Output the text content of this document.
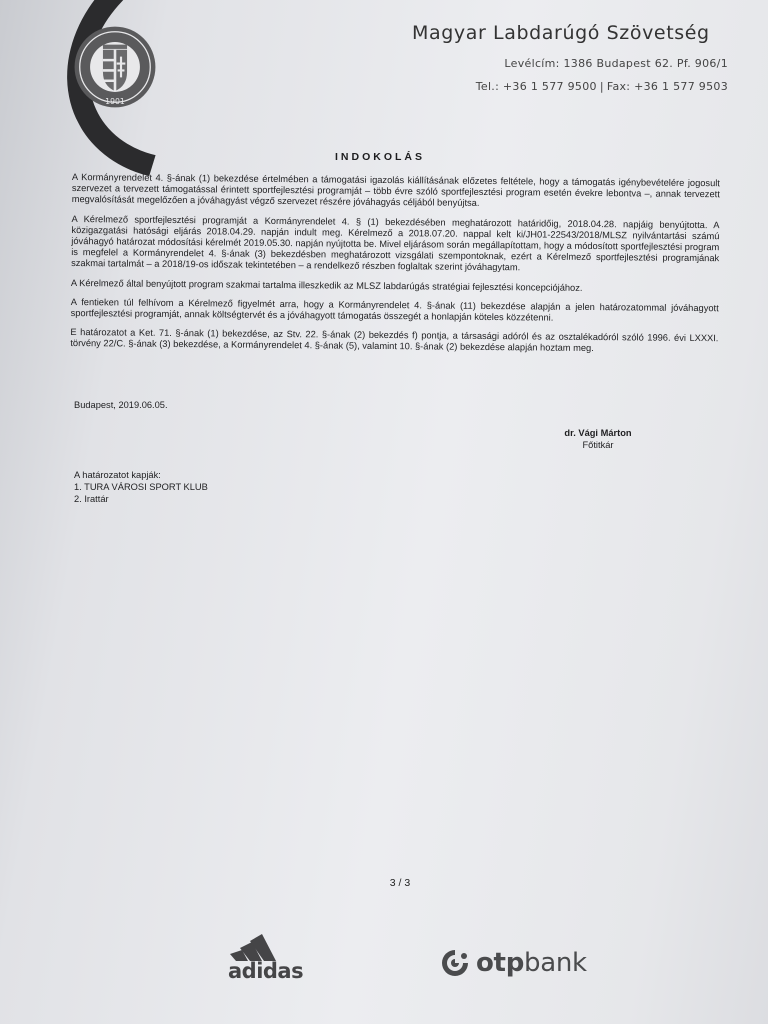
1901
Magyar Labdarúgó Szövetség
Levélcím: 1386 Budapest 62. Pf. 906/1
Tel.: +36 1 577 9500 | Fax: +36 1 577 9503
INDOKOLÁS

A Kormányrendelet 4. §-ának (1) bekezdése értelmében a támogatási igazolás kiállításának előzetes feltétele, hogy a támogatás igénybevételére jogosult szervezet a tervezett támogatással érintett sportfejlesztési programját – több évre szóló sportfejlesztési program esetén évekre lebontva –, annak tervezett megvalósítását megelőzően a jóváhagyást végző szervezet részére jóváhagyás céljából benyújtsa.

A Kérelmező sportfejlesztési programját a Kormányrendelet 4. § (1) bekezdésében meghatározott határidőig, 2018.04.28. napjáig benyújtotta. A közigazgatási hatósági eljárás 2018.04.29. napján indult meg. Kérelmező a 2018.07.20. nappal kelt ki/JH01-22543/2018/MLSZ nyilvántartási számú jóváhagyó határozat módosítási kérelmét 2019.05.30. napján nyújtotta be. Mivel eljárásom során megállapítottam, hogy a módosított sportfejlesztési program is megfelel a Kormányrendelet 4. §-ának (3) bekezdésben meghatározott vizsgálati szempontoknak, ezért a Kérelmező sportfejlesztési programjának szakmai tartalmát – a 2018/19-os időszak tekintetében – a rendelkező részben foglaltak szerint jóváhagytam.

A Kérelmező által benyújtott program szakmai tartalma illeszkedik az MLSZ labdarúgás stratégiai fejlesztési koncepciójához.

A fentieken túl felhívom a Kérelmező figyelmét arra, hogy a Kormányrendelet 4. §-ának (11) bekezdése alapján a jelen határozatommal jóváhagyott sportfejlesztési programját, annak költségtervét és a jóváhagyott támogatás összegét a honlapján köteles közzétenni.

E határozatot a Ket. 71. §-ának (1) bekezdése, az Stv. 22. §-ának (2) bekezdés f) pontja, a társasági adóról és az osztalékadóról szóló 1996. évi LXXXI. törvény 22/C. §-ának (3) bekezdése, a Kormányrendelet 4. §-ának (5), valamint 10. §-ának (2) bekezdése alapján hoztam meg.

Budapest, 2019.06.05.
dr. Vági Márton
Főtitkár
A határozatot kapják:
1. TURA VÁROSI SPORT KLUB
2. Irattár
3 / 3
adidas	otpbank
